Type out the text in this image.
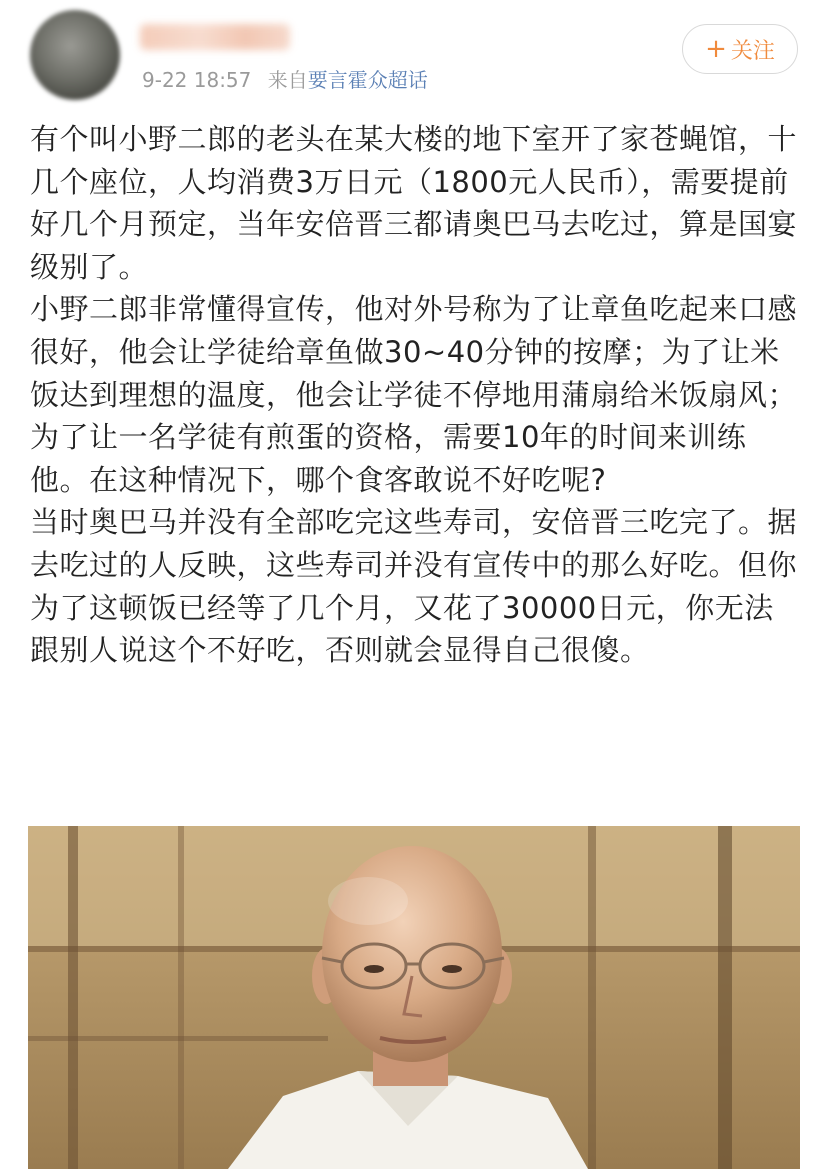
9-22 18:57 来自要言霍众超话
+ 关注

有个叫小野二郎的老头在某大楼的地下室开了家苍蝇馆，十几个座位，人均消费3万日元（1800元人民币），需要提前好几个月预定，当年安倍晋三都请奥巴马去吃过，算是国宴级别了。

小野二郎非常懂得宣传，他对外号称为了让章鱼吃起来口感很好，他会让学徒给章鱼做30~40分钟的按摩；为了让米饭达到理想的温度，他会让学徒不停地用蒲扇给米饭扇风；为了让一名学徒有煎蛋的资格，需要10年的时间来训练他。在这种情况下，哪个食客敢说不好吃呢?

当时奥巴马并没有全部吃完这些寿司，安倍晋三吃完了。据去吃过的人反映，这些寿司并没有宣传中的那么好吃。但你为了这顿饭已经等了几个月，又花了30000日元，你无法跟别人说这个不好吃，否则就会显得自己很傻。
